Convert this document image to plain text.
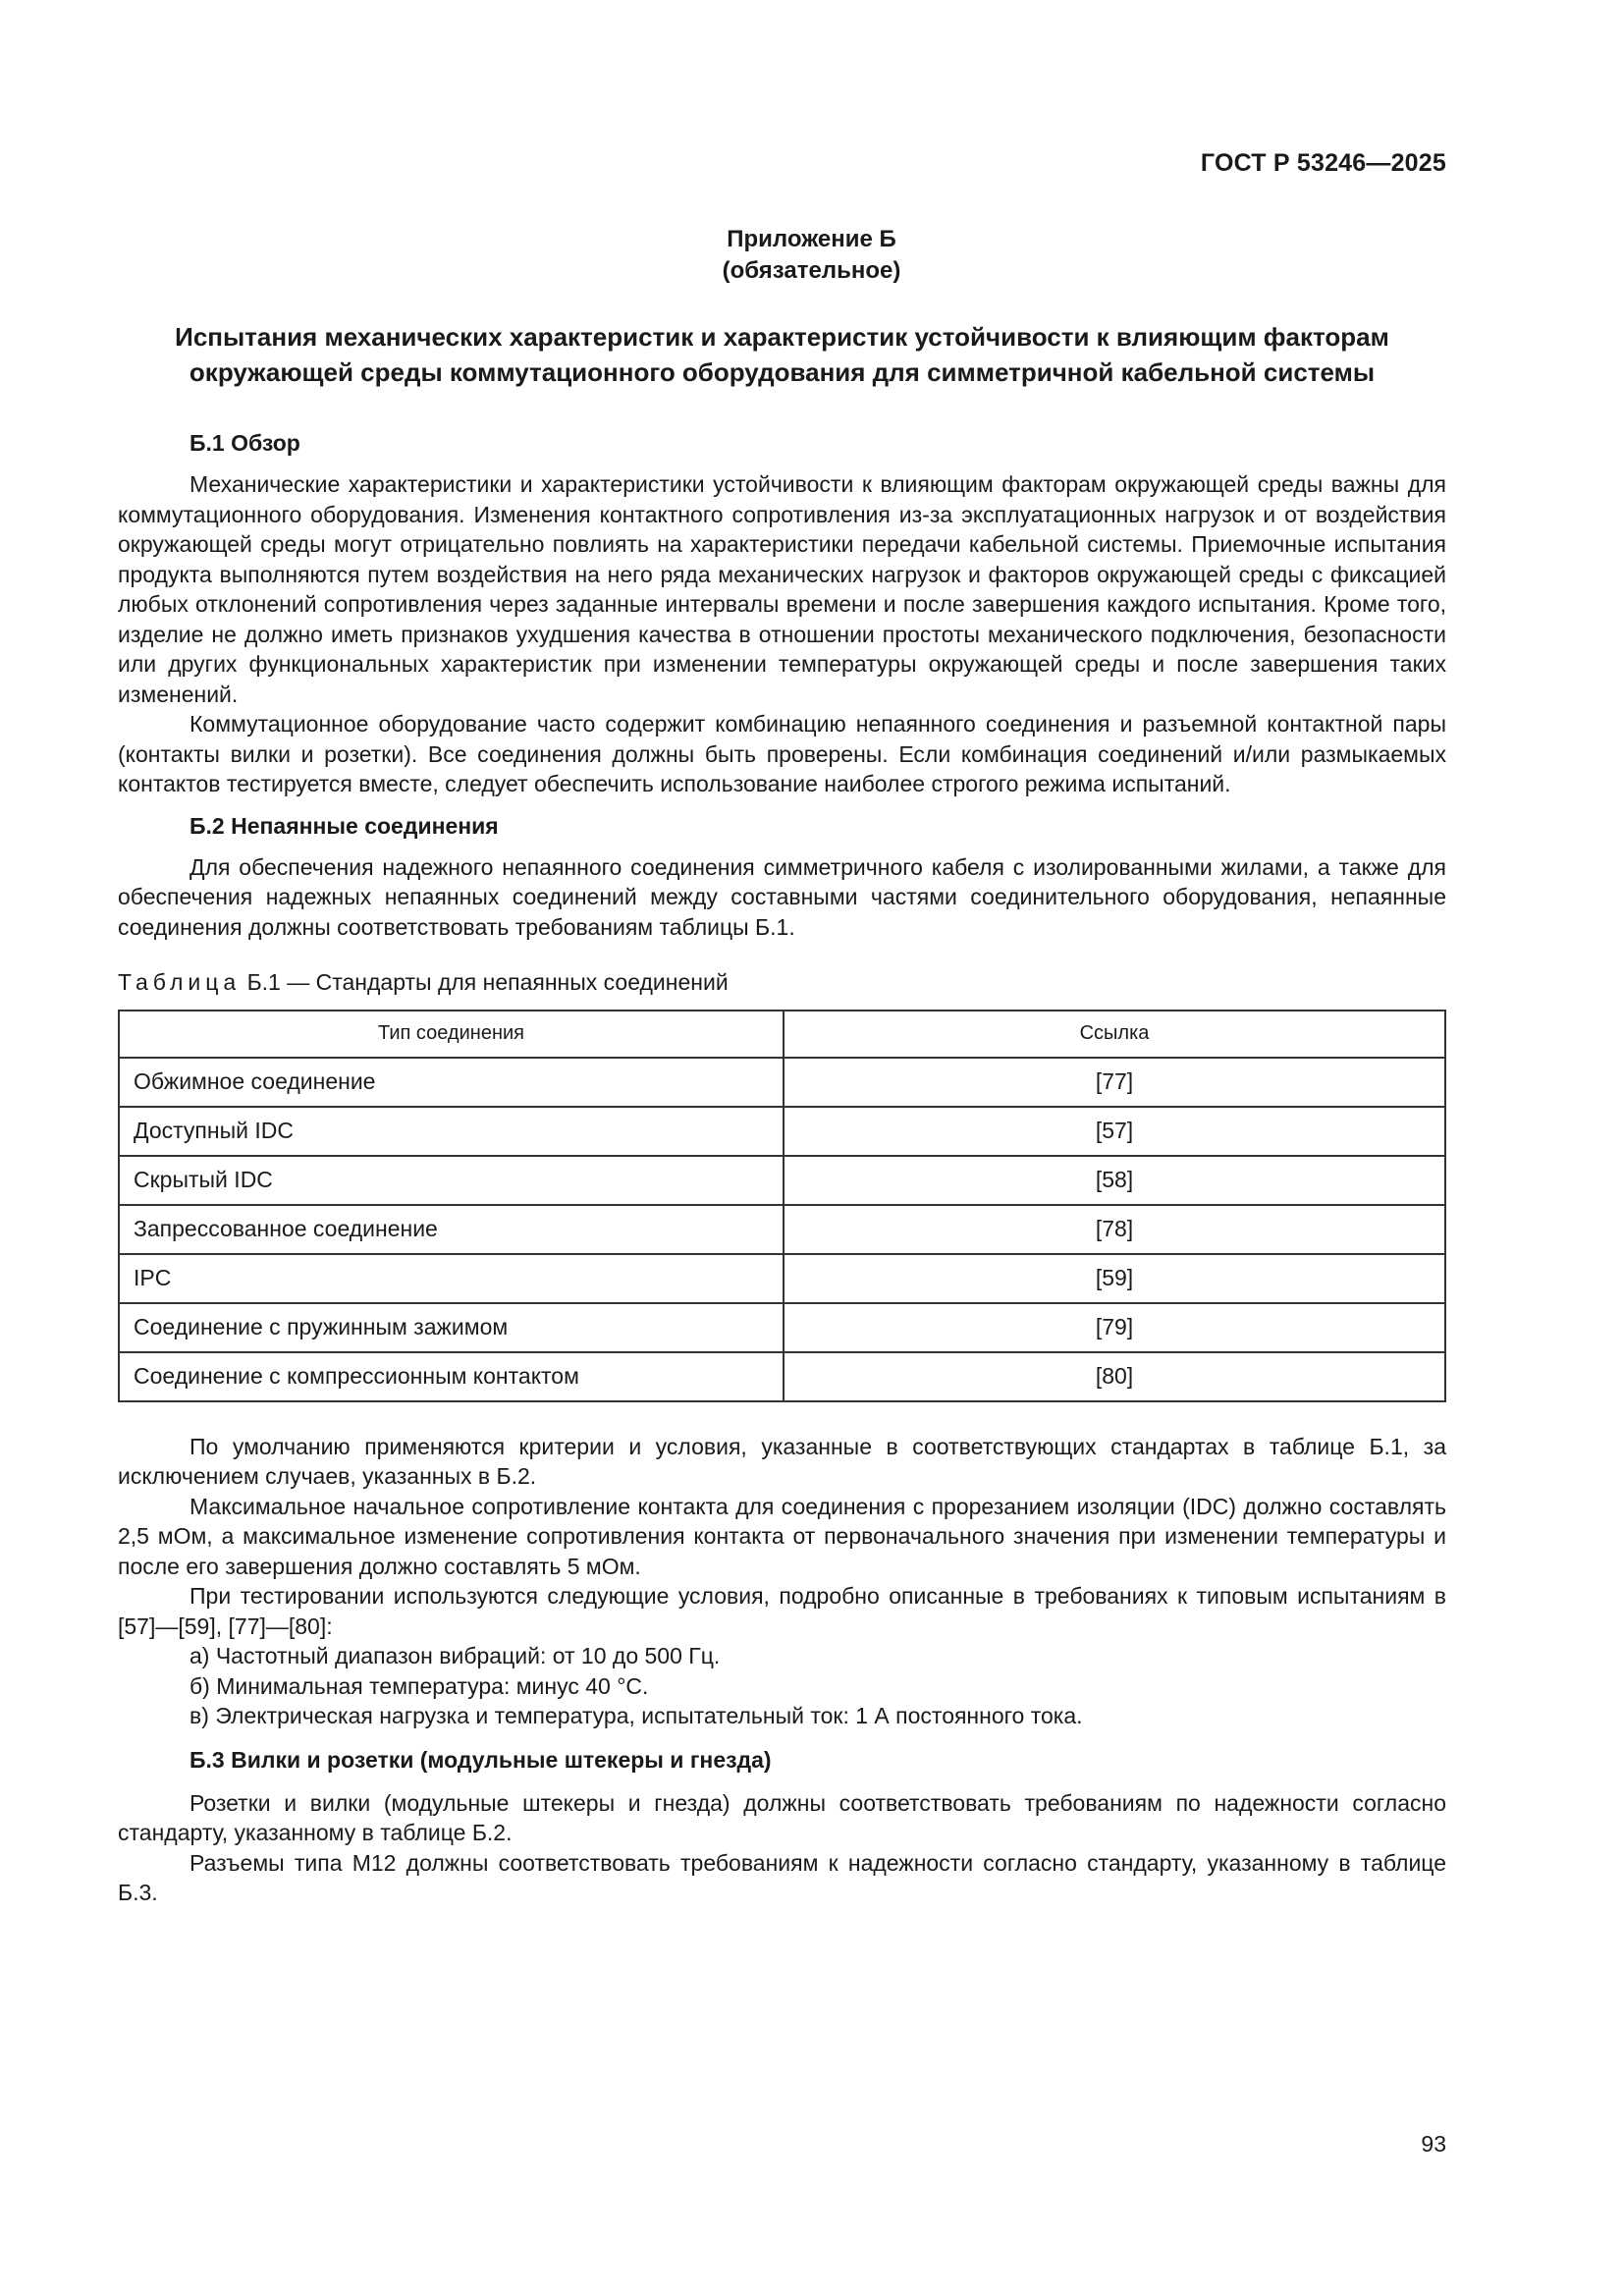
ГОСТ Р 53246—2025
Приложение Б
(обязательное)
Испытания механических характеристик и характеристик устойчивости к влияющим факторам
окружающей среды коммутационного оборудования для симметричной кабельной системы
Б.1 Обзор

Механические характеристики и характеристики устойчивости к влияющим факторам окружающей среды важны для коммутационного оборудования. Изменения контактного сопротивления из-за эксплуатационных нагрузок и от воздействия окружающей среды могут отрицательно повлиять на характеристики передачи кабельной системы. Приемочные испытания продукта выполняются путем воздействия на него ряда механических нагрузок и факторов окружающей среды с фиксацией любых отклонений сопротивления через заданные интервалы времени и после завершения каждого испытания. Кроме того, изделие не должно иметь признаков ухудшения качества в отношении простоты механического подключения, безопасности или других функциональных характеристик при изменении температуры окружающей среды и после завершения таких изменений.

Коммутационное оборудование часто содержит комбинацию непаянного соединения и разъемной контактной пары (контакты вилки и розетки). Все соединения должны быть проверены. Если комбинация соединений и/или размыкаемых контактов тестируется вместе, следует обеспечить использование наиболее строгого режима испытаний.

Б.2 Непаянные соединения

Для обеспечения надежного непаянного соединения симметричного кабеля с изолированными жилами, а также для обеспечения надежных непаянных соединений между составными частями соединительного оборудования, непаянные соединения должны соответствовать требованиям таблицы Б.1.

Таблица Б.1 — Стандарты для непаянных соединений
Тип соединения	Ссылка
Обжимное соединение	[77]
Доступный IDC	[57]
Скрытый IDC	[58]
Запрессованное соединение	[78]
IPC	[59]
Соединение с пружинным зажимом	[79]
Соединение с компрессионным контактом	[80]

По умолчанию применяются критерии и условия, указанные в соответствующих стандартах в таблице Б.1, за исключением случаев, указанных в Б.2.

Максимальное начальное сопротивление контакта для соединения с прорезанием изоляции (IDC) должно составлять 2,5 мОм, а максимальное изменение сопротивления контакта от первоначального значения при изменении температуры и после его завершения должно составлять 5 мОм.

При тестировании используются следующие условия, подробно описанные в требованиях к типовым испытаниям в [57]—[59], [77]—[80]:

а) Частотный диапазон вибраций: от 10 до 500 Гц.
б) Минимальная температура: минус 40 °С.
в) Электрическая нагрузка и температура, испытательный ток: 1 А постоянного тока.
Б.3 Вилки и розетки (модульные штекеры и гнезда)

Розетки и вилки (модульные штекеры и гнезда) должны соответствовать требованиям по надежности согласно стандарту, указанному в таблице Б.2.

Разъемы типа М12 должны соответствовать требованиям к надежности согласно стандарту, указанному в таблице Б.3.

93
